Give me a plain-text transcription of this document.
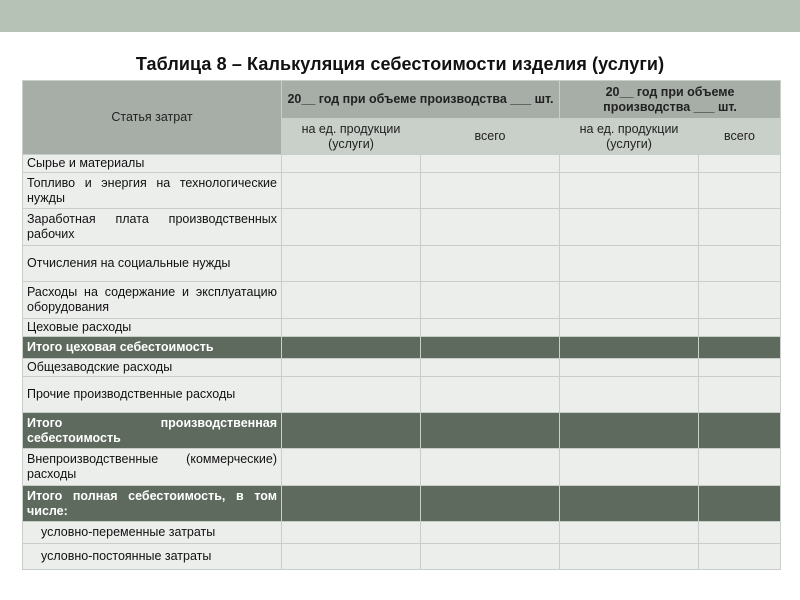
Таблица 8 – Калькуляция себестоимости изделия (услуги)
Статья затрат	20__ год при объеме производства ___ шт.		20__ год при объеме производства ___ шт.	
	на ед. продукции (услуги)	всего	на ед. продукции (услуги)	всего
Сырье и материалы				
Топливо и энергия на технологические нужды				
Заработная плата производственных рабочих				
Отчисления на социальные нужды				
Расходы на содержание и эксплуатацию оборудования				
Цеховые расходы				
Итого цеховая себестоимость				
Общезаводские расходы				
Прочие производственные расходы				
Итого производственная себестоимость				
Внепроизводственные (коммерческие) расходы				
Итого полная себестоимость, в том числе:				
условно-переменные затраты				
условно-постоянные затраты				
